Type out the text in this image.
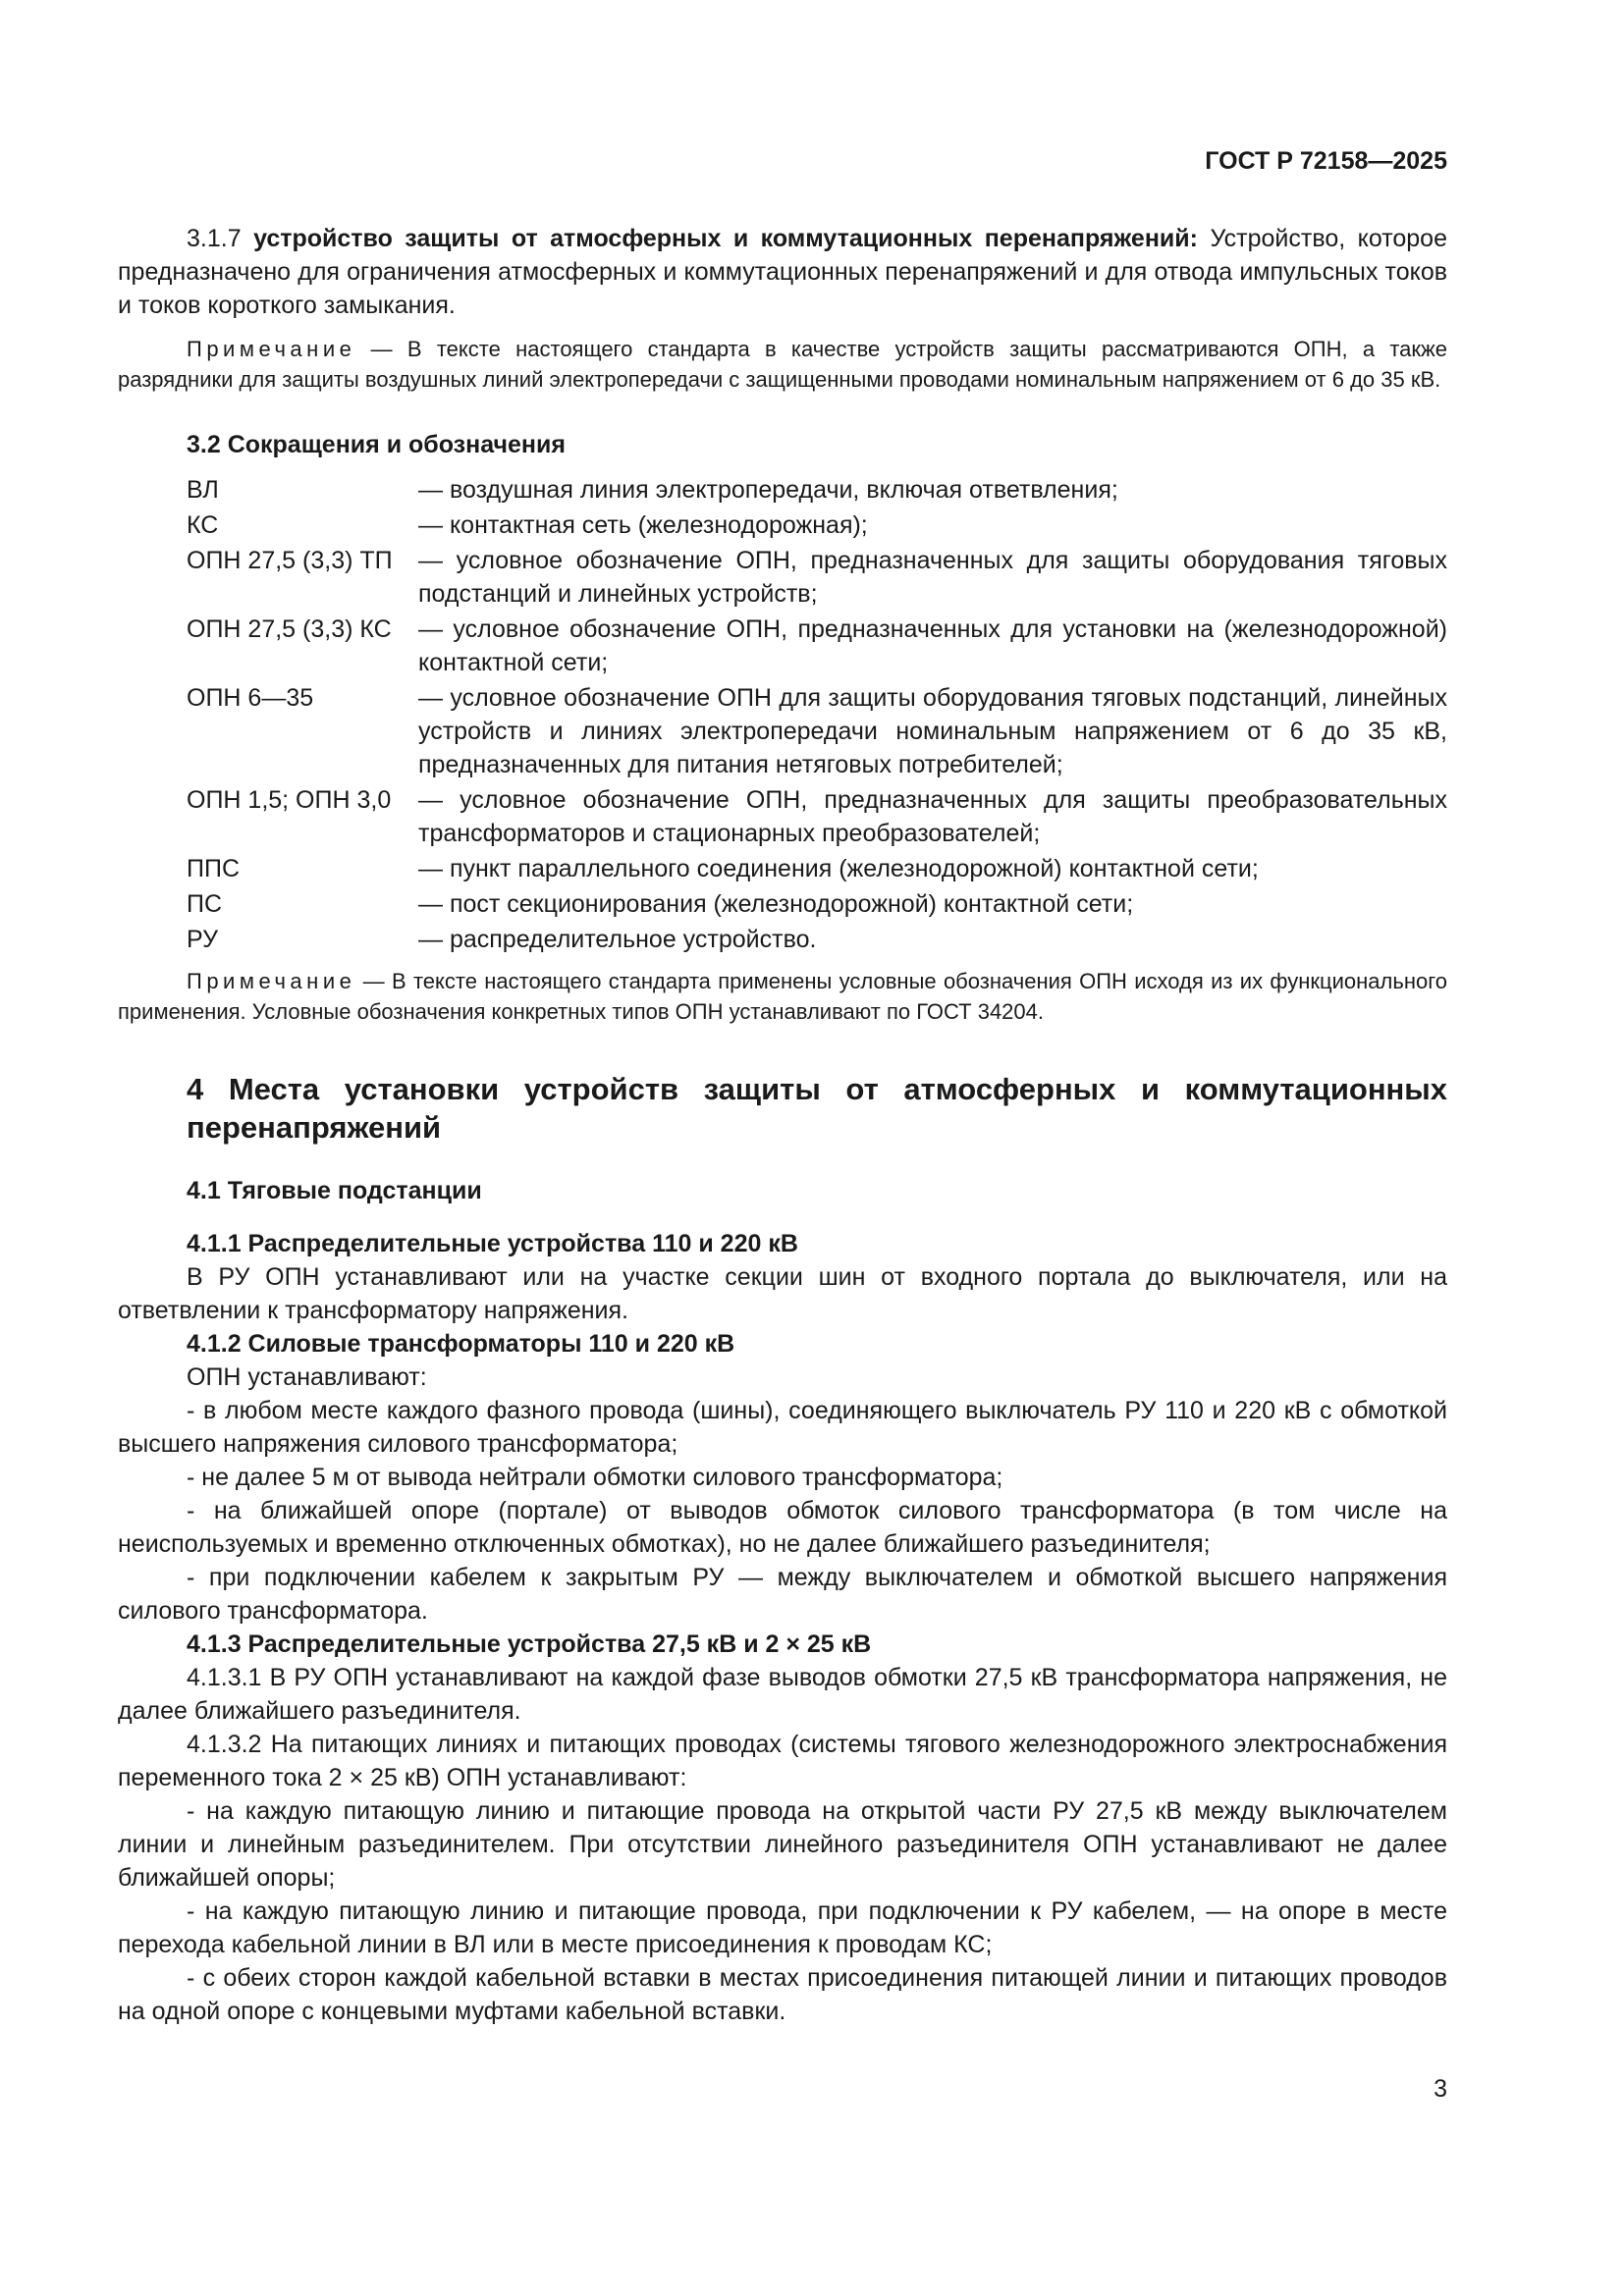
ГОСТ Р 72158—2025

3.1.7 устройство защиты от атмосферных и коммутационных перенапряжений: Устройство, которое предназначено для ограничения атмосферных и коммутационных перенапряжений и для отвода импульсных токов и токов короткого замыкания.

Примечание — В тексте настоящего стандарта в качестве устройств защиты рассматриваются ОПН, а также разрядники для защиты воздушных линий электропередачи с защищенными проводами номинальным напряжением от 6 до 35 кВ.

3.2 Сокращения и обозначения

ВЛ	— воздушная линия электропередачи, включая ответвления;
КС	— контактная сеть (железнодорожная);
ОПН 27,5 (3,3) ТП	— условное обозначение ОПН, предназначенных для защиты оборудования тяговых подстанций и линейных устройств;
ОПН 27,5 (3,3) КС	— условное обозначение ОПН, предназначенных для установки на (железнодорожной) контактной сети;
ОПН 6—35	— условное обозначение ОПН для защиты оборудования тяговых подстанций, линейных устройств и линиях электропередачи номинальным напряжением от 6 до 35 кВ, предназначенных для питания нетяговых потребителей;
ОПН 1,5; ОПН 3,0	— условное обозначение ОПН, предназначенных для защиты преобразовательных трансформаторов и стационарных преобразователей;
ППС	— пункт параллельного соединения (железнодорожной) контактной сети;
ПС	— пост секционирования (железнодорожной) контактной сети;
РУ	— распределительное устройство.

Примечание — В тексте настоящего стандарта применены условные обозначения ОПН исходя из их функционального применения. Условные обозначения конкретных типов ОПН устанавливают по ГОСТ 34204.

4 Места установки устройств защиты от атмосферных и коммутационных перенапряжений

4.1 Тяговые подстанции

4.1.1 Распределительные устройства 110 и 220 кВ

В РУ ОПН устанавливают или на участке секции шин от входного портала до выключателя, или на ответвлении к трансформатору напряжения.

4.1.2 Силовые трансформаторы 110 и 220 кВ

ОПН устанавливают:

- в любом месте каждого фазного провода (шины), соединяющего выключатель РУ 110 и 220 кВ с обмоткой высшего напряжения силового трансформатора;

- не далее 5 м от вывода нейтрали обмотки силового трансформатора;

- на ближайшей опоре (портале) от выводов обмоток силового трансформатора (в том числе на неиспользуемых и временно отключенных обмотках), но не далее ближайшего разъединителя;

- при подключении кабелем к закрытым РУ — между выключателем и обмоткой высшего напряжения силового трансформатора.

4.1.3 Распределительные устройства 27,5 кВ и 2 × 25 кВ

4.1.3.1 В РУ ОПН устанавливают на каждой фазе выводов обмотки 27,5 кВ трансформатора напряжения, не далее ближайшего разъединителя.

4.1.3.2 На питающих линиях и питающих проводах (системы тягового железнодорожного электроснабжения переменного тока 2 × 25 кВ) ОПН устанавливают:

- на каждую питающую линию и питающие провода на открытой части РУ 27,5 кВ между выключателем линии и линейным разъединителем. При отсутствии линейного разъединителя ОПН устанавливают не далее ближайшей опоры;

- на каждую питающую линию и питающие провода, при подключении к РУ кабелем, — на опоре в месте перехода кабельной линии в ВЛ или в месте присоединения к проводам КС;

- с обеих сторон каждой кабельной вставки в местах присоединения питающей линии и питающих проводов на одной опоре с концевыми муфтами кабельной вставки.

3
